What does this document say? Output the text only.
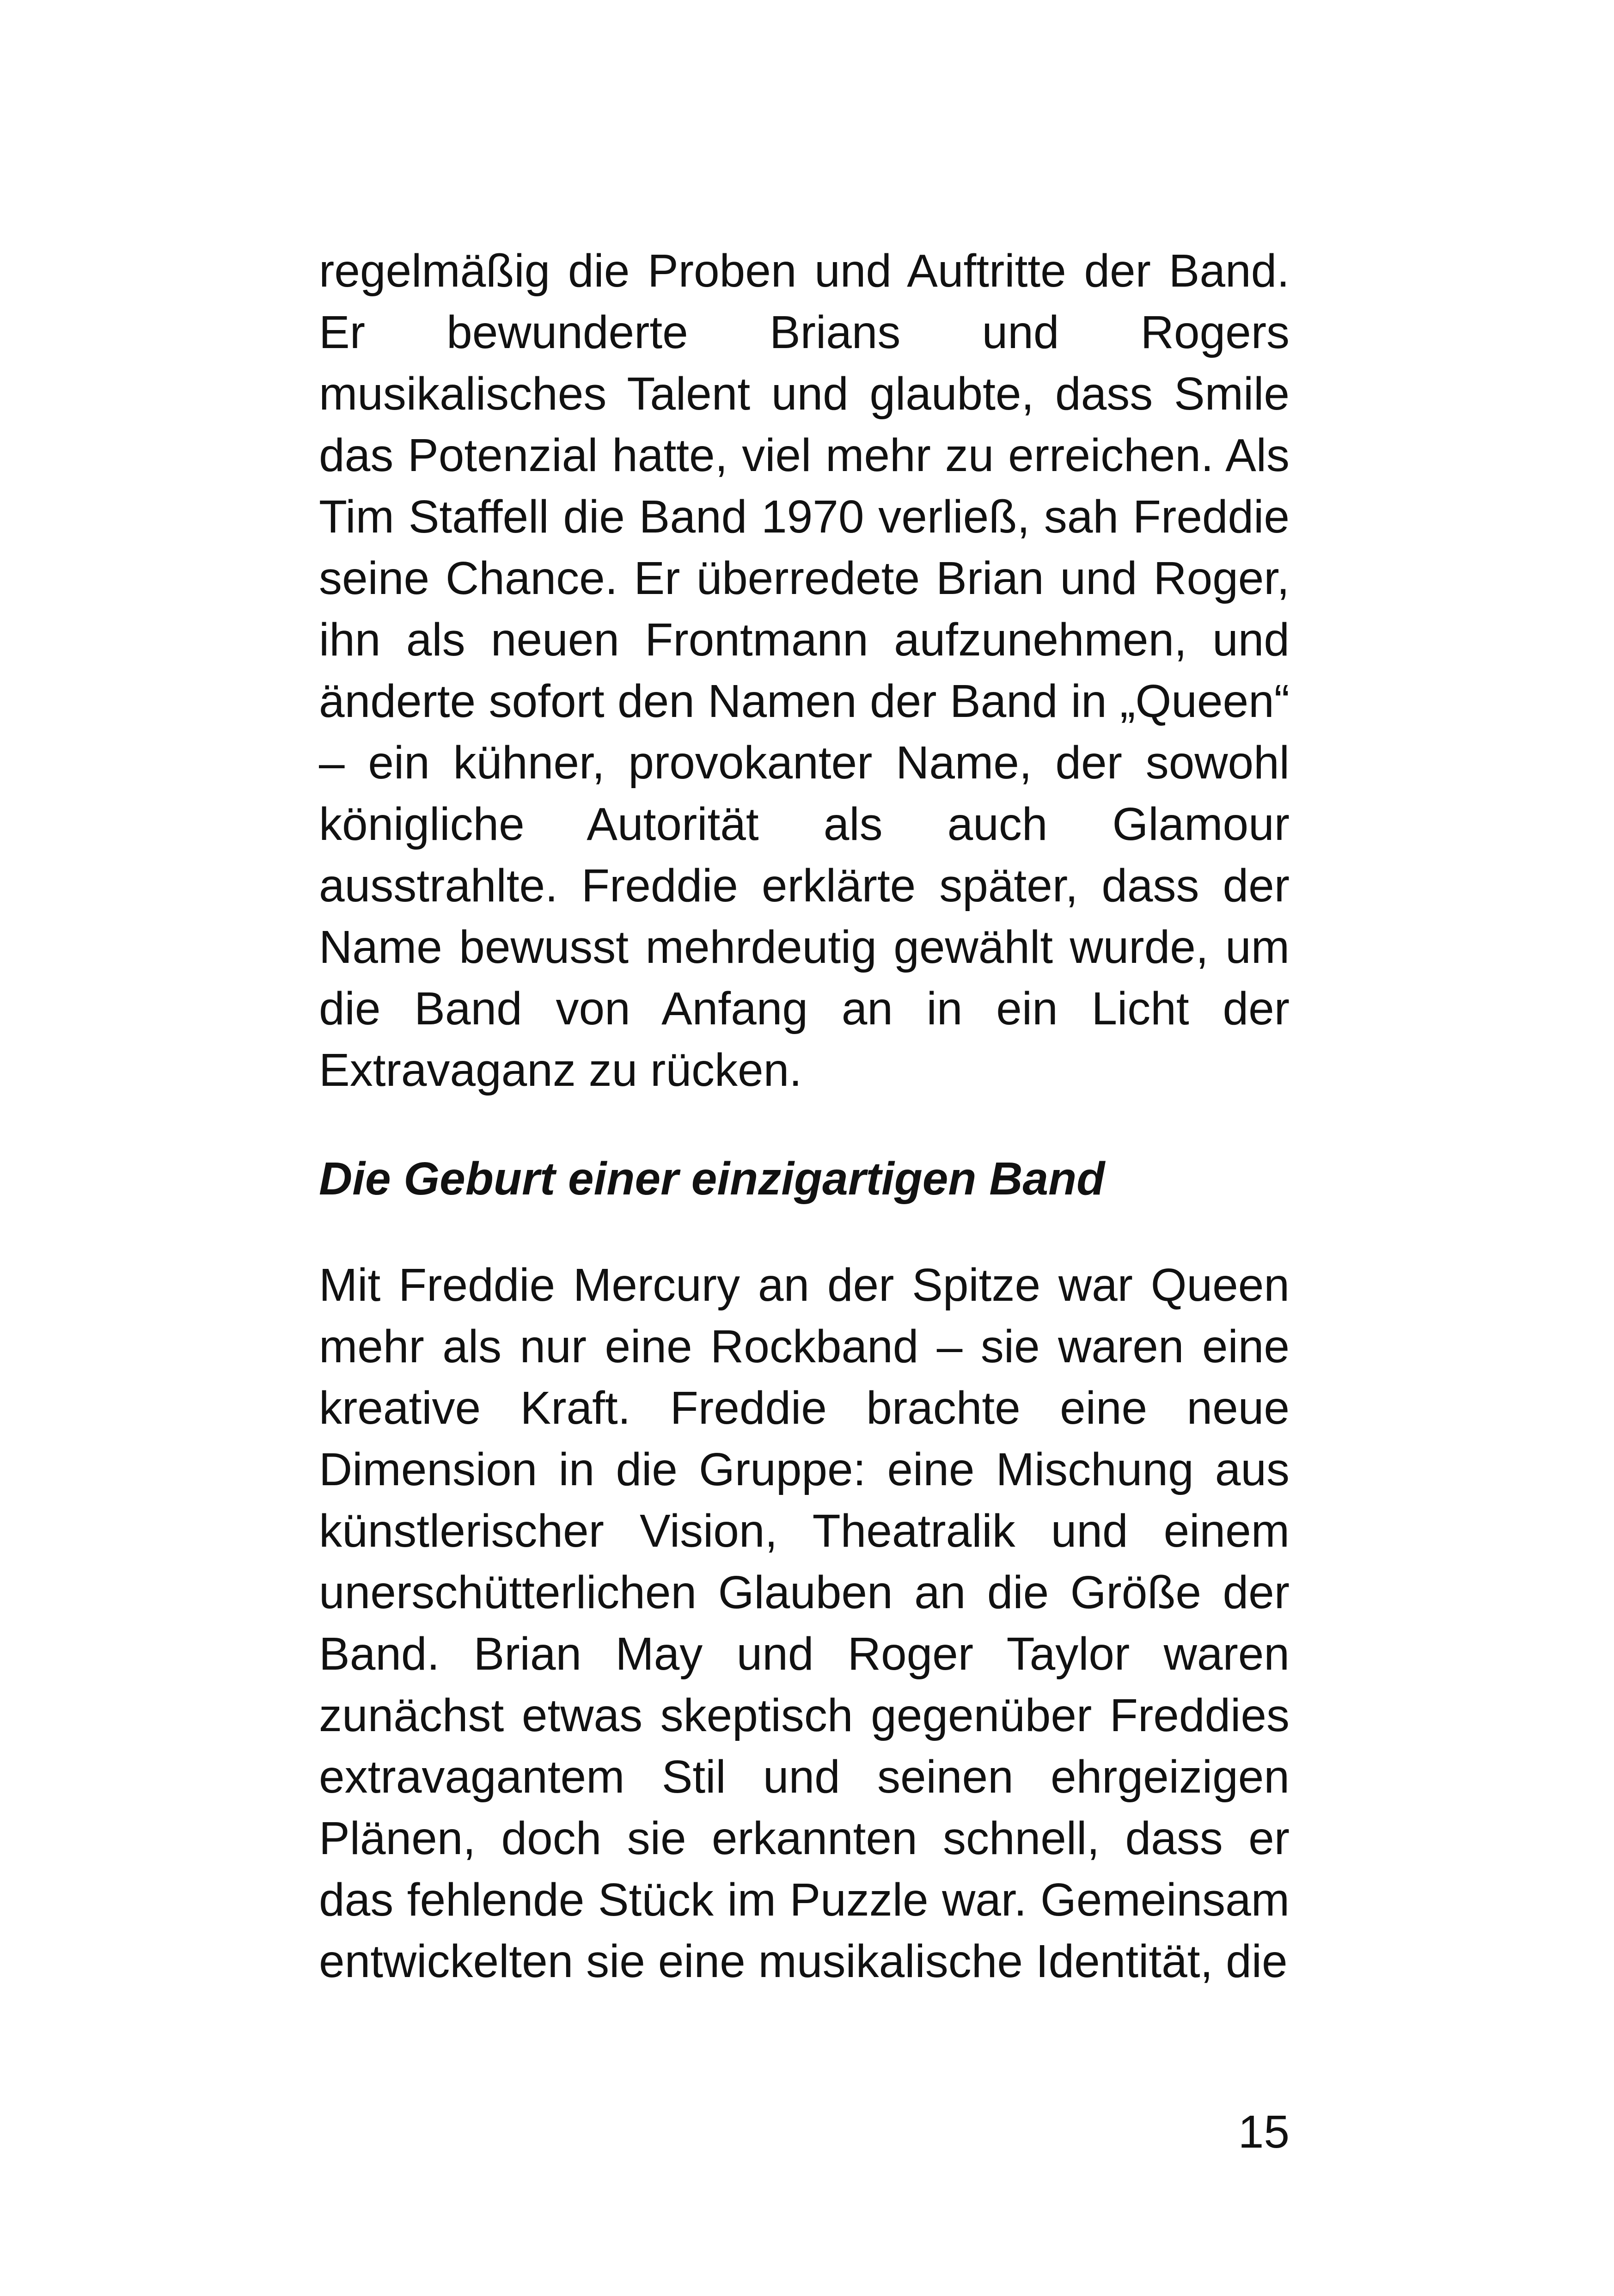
regelmäßig die Proben und Auftritte der Band. Er bewunderte Brians und Rogers musikalisches Talent und glaubte, dass Smile das Potenzial hatte, viel mehr zu erreichen. Als Tim Staffell die Band 1970 verließ, sah Freddie seine Chance. Er überredete Brian und Roger, ihn als neuen Frontmann aufzunehmen, und änderte sofort den Namen der Band in „Queen“ – ein kühner, provokanter Name, der sowohl königliche Autorität als auch Glamour ausstrahlte. Freddie erklärte später, dass der Name bewusst mehrdeutig gewählt wurde, um die Band von Anfang an in ein Licht der Extravaganz zu rücken.

Die Geburt einer einzigartigen Band

Mit Freddie Mercury an der Spitze war Queen mehr als nur eine Rockband – sie waren eine kreative Kraft. Freddie brachte eine neue Dimension in die Gruppe: eine Mischung aus künstlerischer Vision, Theatralik und einem unerschütterlichen Glauben an die Größe der Band. Brian May und Roger Taylor waren zunächst etwas skeptisch gegenüber Freddies extravagantem Stil und seinen ehrgeizigen Plänen, doch sie erkannten schnell, dass er das fehlende Stück im Puzzle war. Gemeinsam entwickelten sie eine musikalische Identität, die

15
